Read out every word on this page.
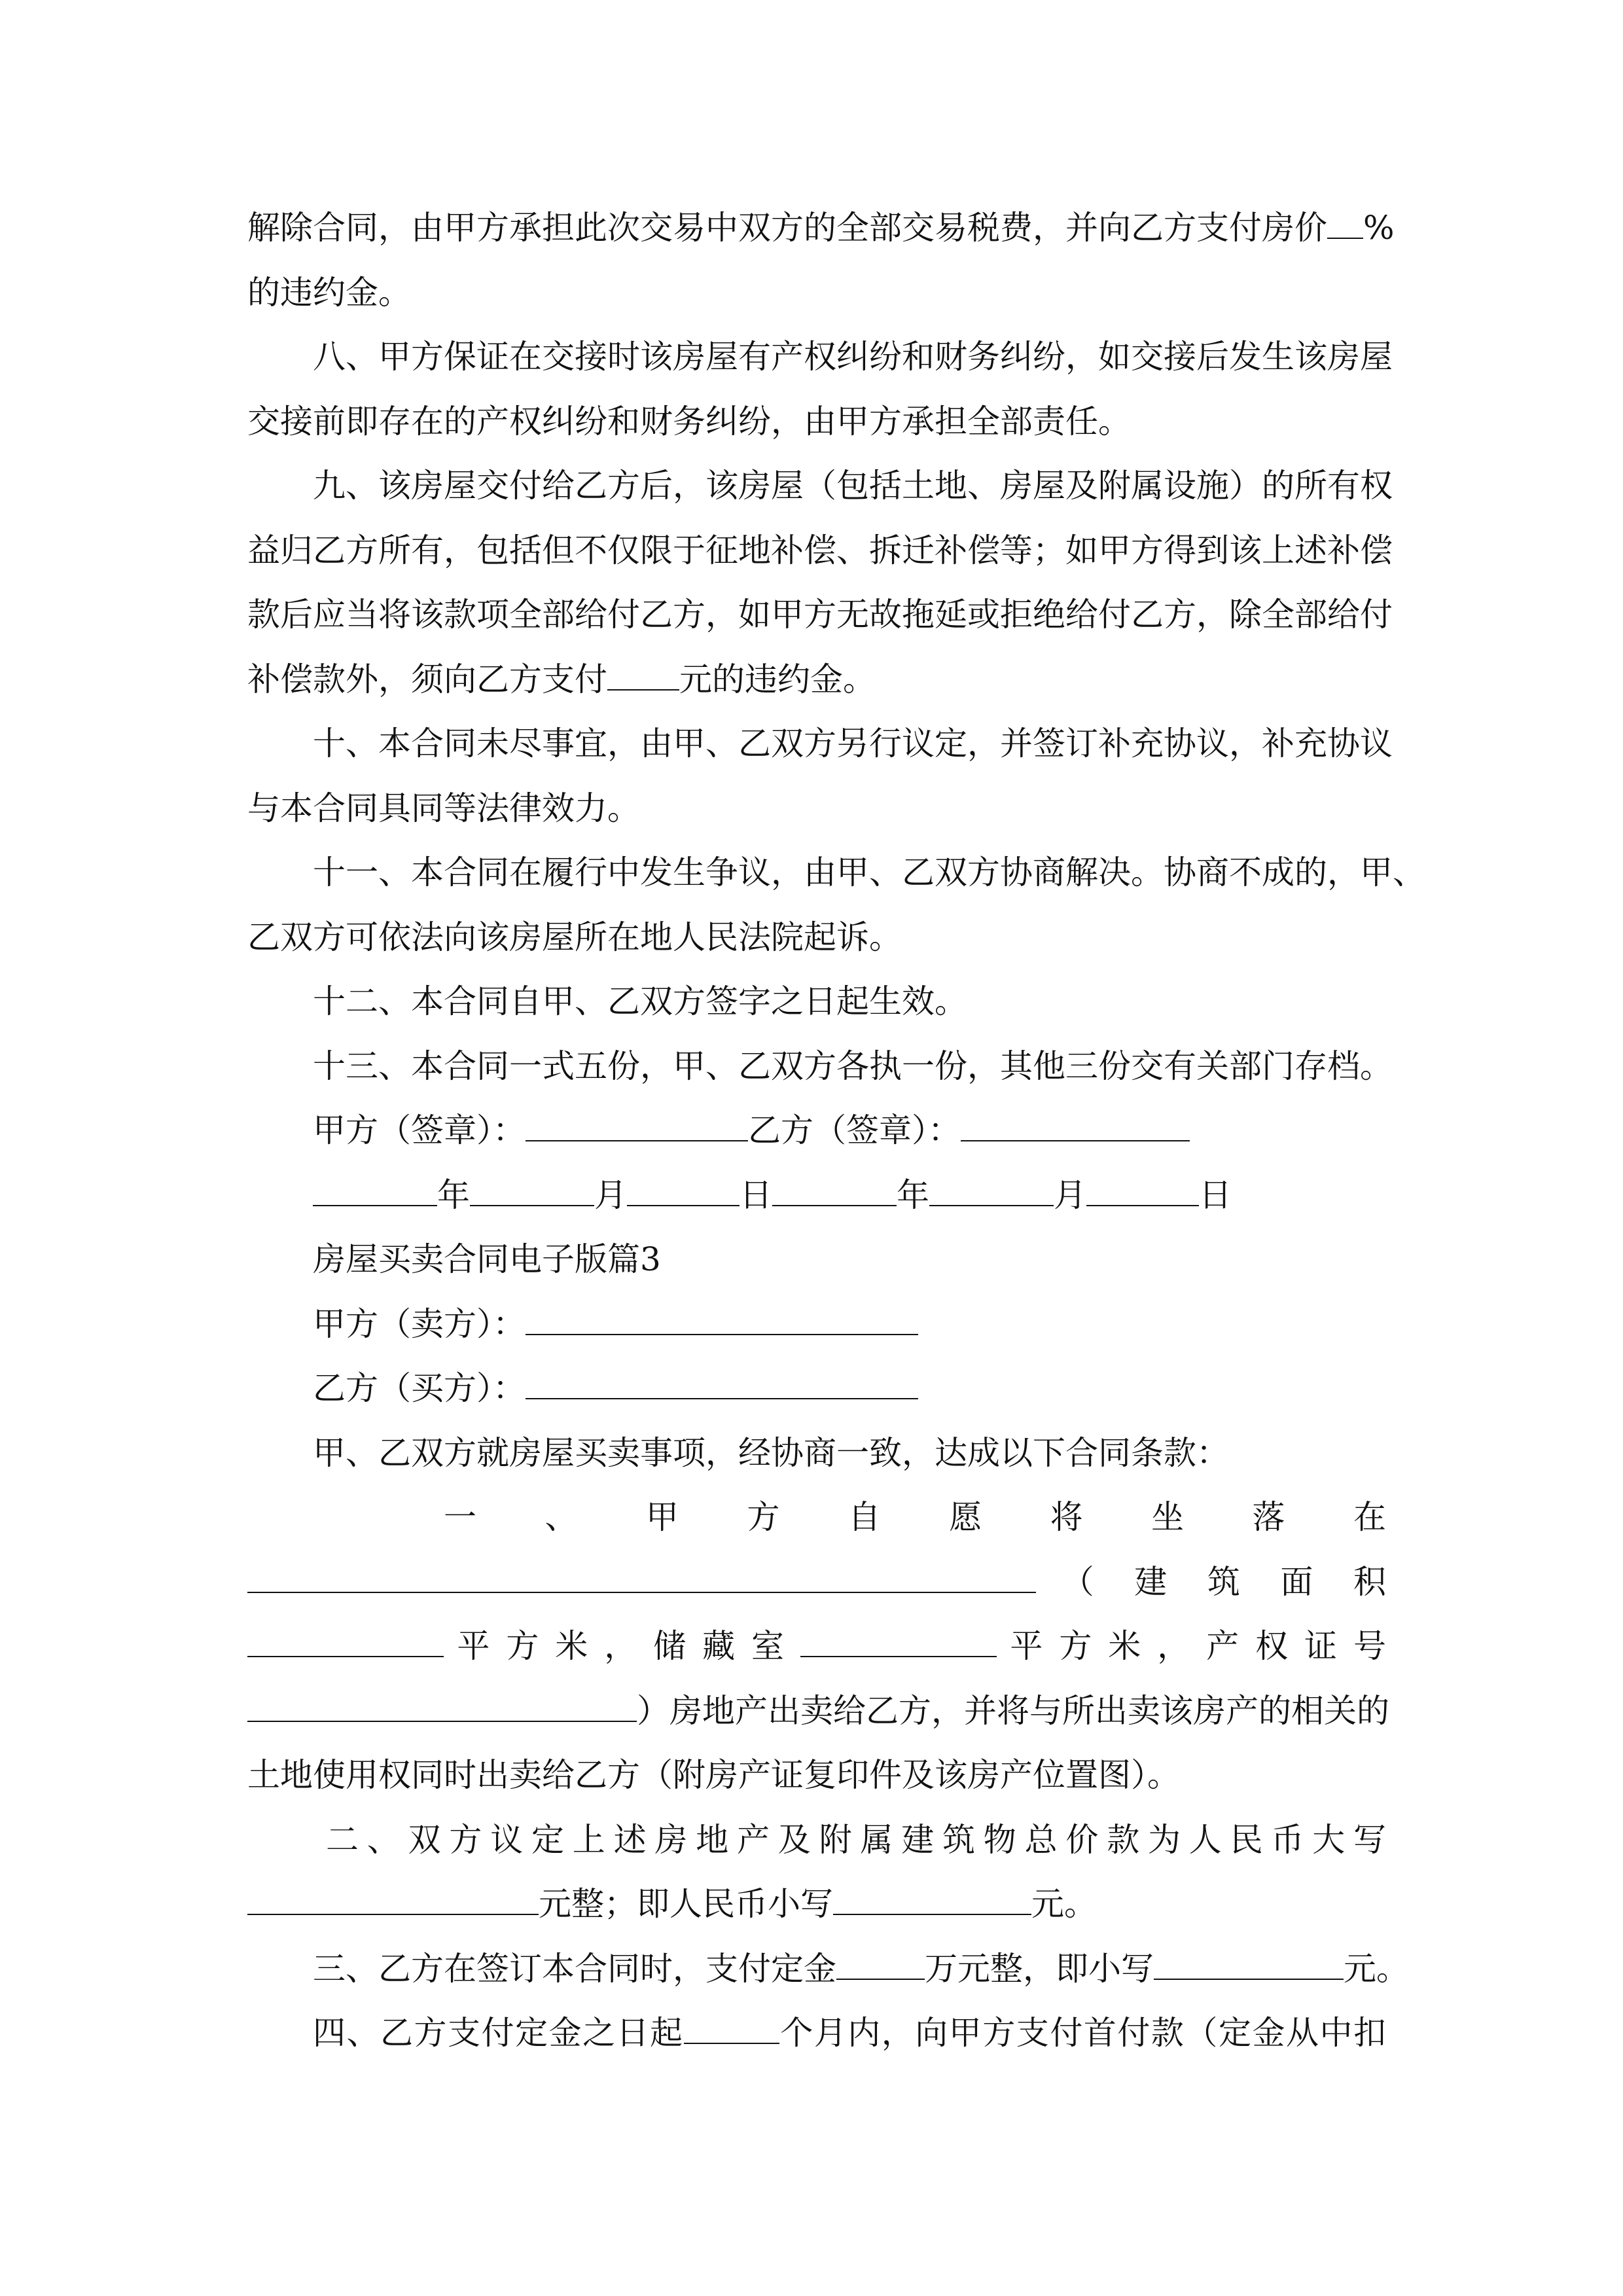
解除合同，由甲方承担此次交易中双方的全部交易税费，并向乙方支付房价 %
的违约金。
八、甲方保证在交接时该房屋有产权纠纷和财务纠纷，如交接后发生该房屋
交接前即存在的产权纠纷和财务纠纷，由甲方承担全部责任。
九、该房屋交付给乙方后，该房屋（包括土地、房屋及附属设施）的所有权
益归乙方所有，包括但不仅限于征地补偿、拆迁补偿等；如甲方得到该上述补偿
款后应当将该款项全部给付乙方，如甲方无故拖延或拒绝给付乙方，除全部给付
补偿款外，须向乙方支付 元的违约金。
十、本合同未尽事宜，由甲、乙双方另行议定，并签订补充协议，补充协议
与本合同具同等法律效力。
十一、本合同在履行中发生争议，由甲、乙双方协商解决。协商不成的，甲、
乙双方可依法向该房屋所在地人民法院起诉。
十二、本合同自甲、乙双方签字之日起生效。
十三、本合同一式五份，甲、乙双方各执一份，其他三份交有关部门存档。
甲方（签章）：	乙方（签章）：
年	月	日	年	月	日
房屋买卖合同电子版篇3
甲方（卖方）：
乙方（买方）：
甲、乙双方就房屋买卖事项，经协商一致，达成以下合同条款：
一 、 甲 方 自 愿 将 坐 落 在
（ 建 筑 面 积
平 方 米 ， 储 藏 室	平 方 米 ， 产 权 证 号
）房地产出卖给乙方，并将与所出卖该房产的相关的
土地使用权同时出卖给乙方（附房产证复印件及该房产位置图）。
二、双方议定上述房地产及附属建筑物总价款为人民币大写
元整；即人民币小写	元。
三、乙方在签订本合同时，支付定金	万元整，即小写	元。
四、乙方支付定金之日起	个月内，向甲方支付首付款（定金从中扣
